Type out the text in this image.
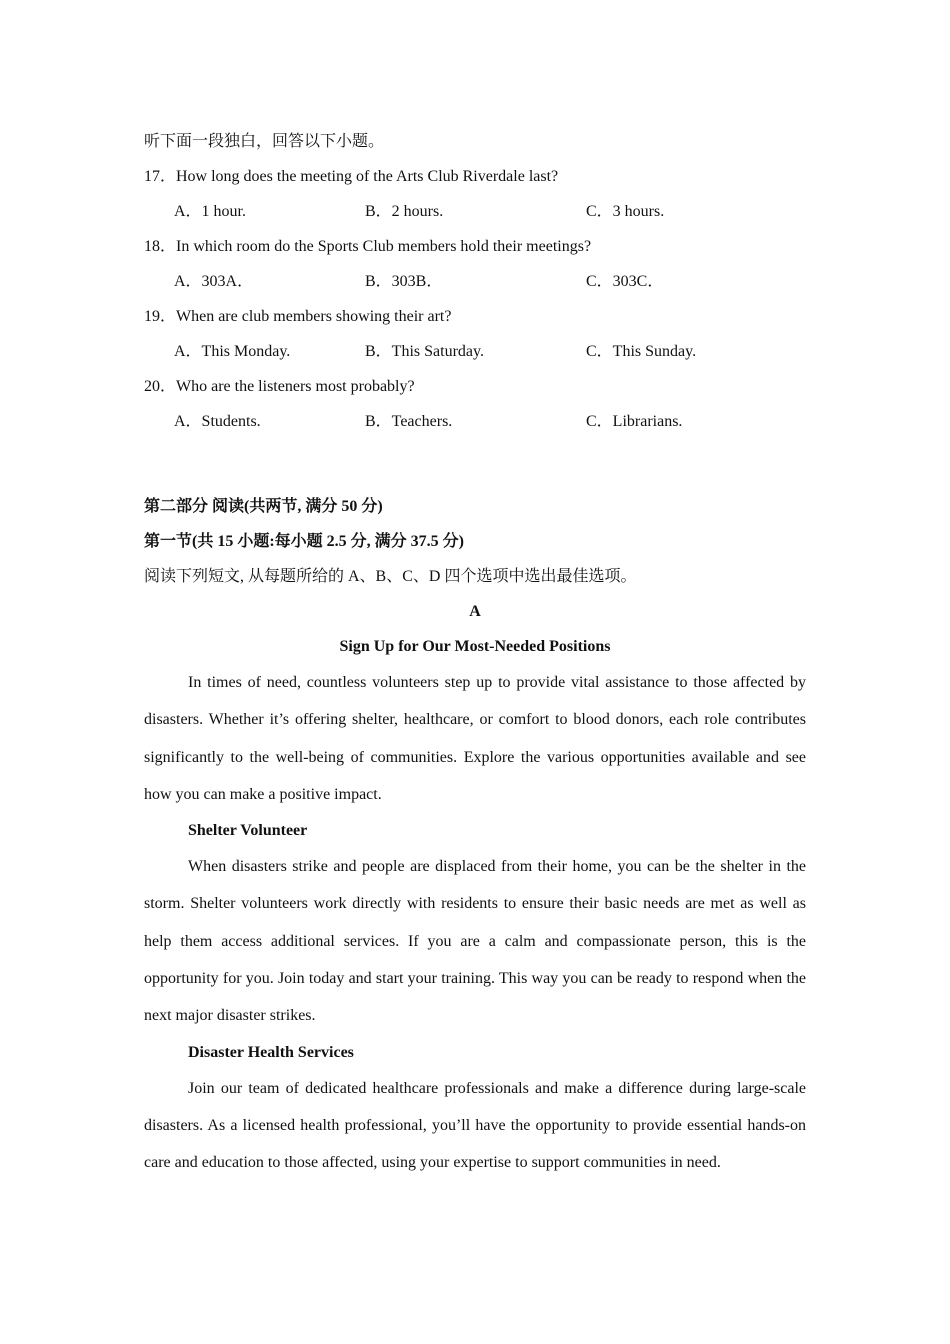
听下面一段独白，回答以下小题。
17．How long does the meeting of the Arts Club Riverdale last?
A．1 hour.	B．2 hours.	C．3 hours.
18．In which room do the Sports Club members hold their meetings?
A．303A．	B．303B．	C．303C．
19．When are club members showing their art?
A．This Monday.	B．This Saturday.	C．This Sunday.
20．Who are the listeners most probably?
A．Students.	B．Teachers.	C．Librarians.
第二部分 阅读(共两节, 满分 50 分)
第一节(共 15 小题:每小题 2.5 分, 满分 37.5 分)
阅读下列短文, 从每题所给的 A、B、C、D 四个选项中选出最佳选项。
A
Sign Up for Our Most-Needed Positions

In times of need, countless volunteers step up to provide vital assistance to those affected by disasters. Whether it’s offering shelter, healthcare, or comfort to blood donors, each role contributes significantly to the well-being of communities. Explore the various opportunities available and see how you can make a positive impact.

Shelter Volunteer

When disasters strike and people are displaced from their home, you can be the shelter in the storm. Shelter volunteers work directly with residents to ensure their basic needs are met as well as help them access additional services. If you are a calm and compassionate person, this is the opportunity for you. Join today and start your training. This way you can be ready to respond when the next major disaster strikes.

Disaster Health Services

Join our team of dedicated healthcare professionals and make a difference during large-scale disasters. As a licensed health professional, you’ll have the opportunity to provide essential hands-on care and education to those affected, using your expertise to support communities in need.
